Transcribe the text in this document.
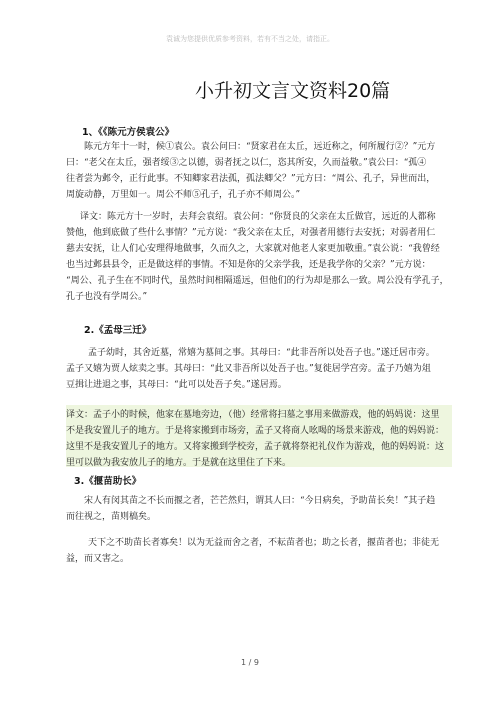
袁诚为您提供优质参考资料，若有不当之处，请指正。
小升初文言文资料20篇
1、《《陈元方侯袁公》
陈元方年十一时，候①袁公。袁公问曰：“贤家君在太丘，远近称之，何所履行②？”元方
曰：“老父在太丘，强者绥③之以德，弱者抚之以仁，恣其所安，久而益敬。”袁公曰：“孤④
往者尝为邺令，正行此事。不知卿家君法孤，孤法卿父？”元方曰：“周公、孔子，异世而出，
周旋动静，万里如一。周公不师⑤孔子，孔子亦不师周公。”
译文：陈元方十一岁时，去拜会袁绍。袁公问：“你贤良的父亲在太丘做官，远近的人都称
赞他，他到底做了些什么事情？”元方说：“我父亲在太丘，对强者用德行去安抚；对弱者用仁
慈去安抚，让人们心安理得地做事，久而久之，大家就对他老人家更加敬重。”袁公说：“我曾经
也当过邺县县令，正是做这样的事情。不知是你的父亲学我，还是我学你的父亲？”元方说：
“周公、孔子生在不同时代，虽然时间相隔遥远，但他们的行为却是那么一致。周公没有学孔子，
孔子也没有学周公。”
2.《孟母三迁》
孟子幼时，其舍近墓，常嬉为墓间之事。其母曰：“此非吾所以处吾子也。”遂迁居市旁。
孟子又嬉为贾人炫卖之事。其母曰：“此又非吾所以处吾子也。”复徙居学宫旁。孟子乃嬉为俎
豆揖让进退之事，其母曰：“此可以处吾子矣。”遂居焉。
译文：孟子小的时候，他家在墓地旁边，（他）经常将扫墓之事用来做游戏，他的妈妈说：这里
不是我安置儿子的地方。于是将家搬到市场旁，孟子又将商人吆喝的场景来游戏，他的妈妈说：
这里不是我安置儿子的地方。又将家搬到学校旁，孟子就将祭祀礼仪作为游戏，他的妈妈说：这
里可以做为我安放儿子的地方。于是就在这里住了下来。
3.《揠苗助长》
宋人有闵其苗之不长而揠之者，芒芒然归，谓其人曰：“今日病矣，予助苗长矣！”其子趋
而往视之，苗则槁矣。
天下之不助苗长者寡矣！以为无益而舍之者，不耘苗者也；助之长者，揠苗者也；非徒无
益，而又害之。
1 / 9
